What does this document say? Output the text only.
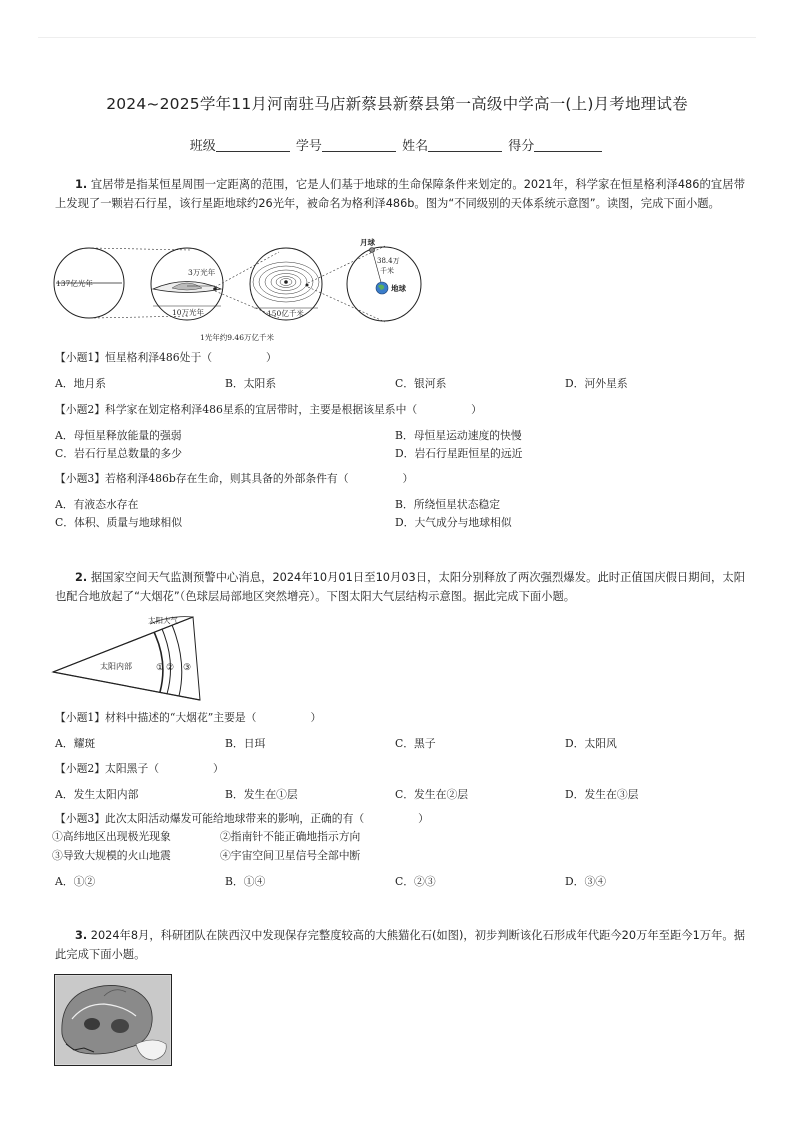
2024~2025学年11月河南驻马店新蔡县新蔡县第一高级中学高一(上)月考地理试卷
班级	学号	姓名	得分
1. 宜居带是指某恒星周围一定距离的范围，它是人们基于地球的生命保障条件来划定的。2021年，科学家在恒星格利泽486的宜居带上发现了一颗岩石行星，该行星距地球约26光年，被命名为格利泽486b。图为“不同级别的天体系统示意图”。读图，完成下面小题。
137亿光年
3万光年
10万光年	150亿千米
月球
38.4万
千米
地球
1光年约9.46万亿千米
【小题1】恒星格利泽486处于（　　　　　）
A．地月系	B．太阳系	C．银河系	D．河外星系
【小题2】科学家在划定格利泽486星系的宜居带时，主要是根据该星系中（　　　　　）
A．母恒星释放能量的强弱	B．母恒星运动速度的快慢
C．岩石行星总数量的多少	D．岩石行星距恒星的远近
【小题3】若格利泽486b存在生命，则其具备的外部条件有（　　　　　）
A．有液态水存在	B．所绕恒星状态稳定
C．体积、质量与地球相似	D．大气成分与地球相似
2. 据国家空间天气监测预警中心消息，2024年10月01日至10月03日，太阳分别释放了两次强烈爆发。此时正值国庆假日期间，太阳也配合地放起了“大烟花”（色球层局部地区突然增亮）。下图太阳大气层结构示意图。据此完成下面小题。
太阳大气
太阳内部	① ② ③
【小题1】材料中描述的“大烟花”主要是（　　　　　）
A．耀斑	B．日珥	C．黑子	D．太阳风
【小题2】太阳黑子（　　　　　）
A．发生太阳内部	B．发生在①层	C．发生在②层	D．发生在③层
【小题3】此次太阳活动爆发可能给地球带来的影响，正确的有（　　　　　）
①高纬地区出现极光现象	②指南针不能正确地指示方向
③导致大规模的火山地震	④宇宙空间卫星信号全部中断
A．①②	B．①④	C．②③	D．③④
3. 2024年8月，科研团队在陕西汉中发现保存完整度较高的大熊猫化石(如图)，初步判断该化石形成年代距今20万年至距今1万年。据此完成下面小题。
